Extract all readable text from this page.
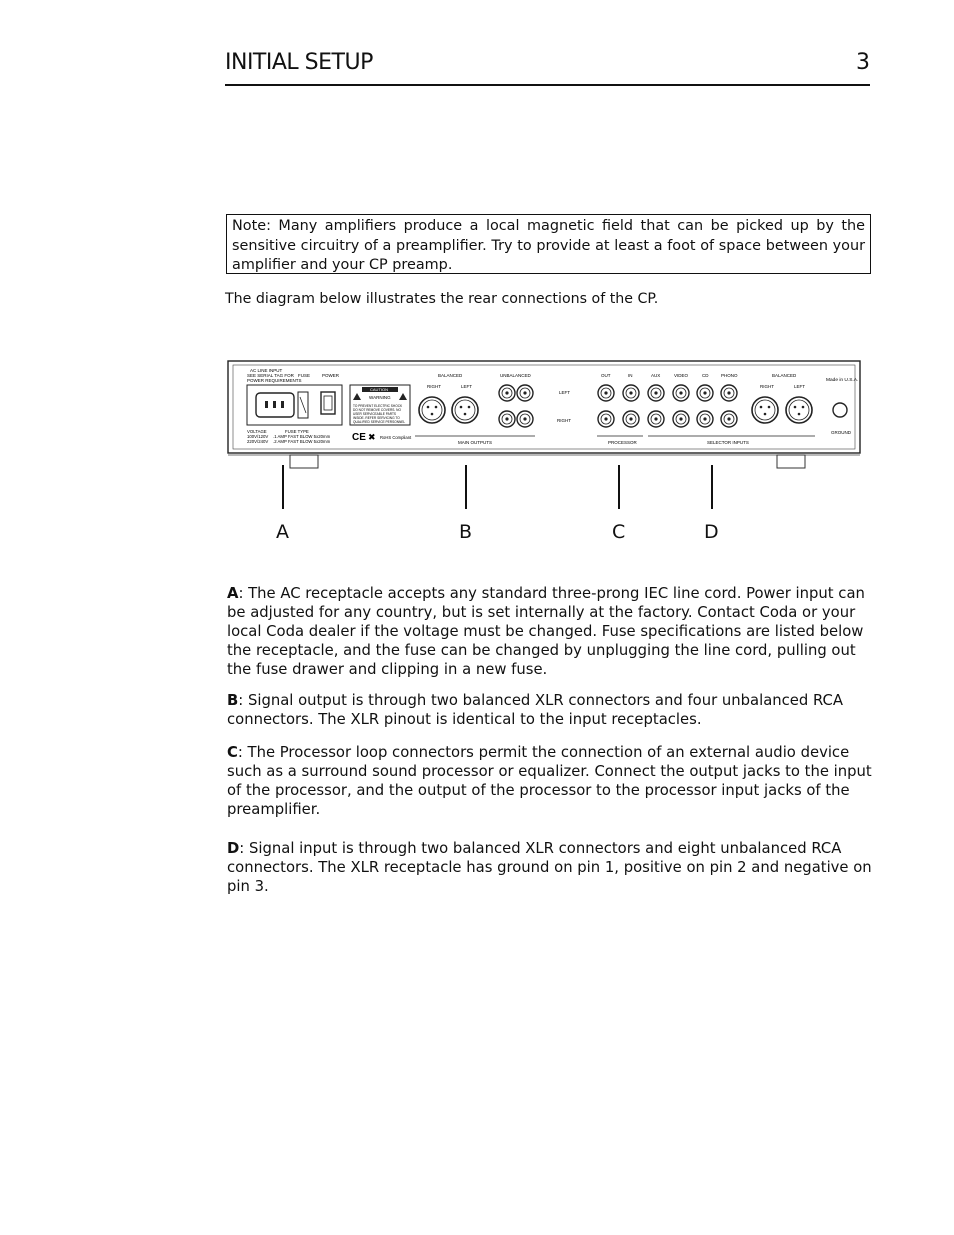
INITIAL SETUP	3
Note: Many amplifiers produce a local magnetic field that can be picked up by the sensitive circuitry of a preamplifier. Try to provide at least a foot of space between your amplifier and your CP preamp.
The diagram below illustrates the rear connections of the CP.
AC LINE INPUT
SEE SERIAL TAG FOR
POWER REQUIREMENTS
FUSE	POWER
VOLTAGE	FUSE TYPE
100V/120V .1 AMP FAST BLOW 5x20mm
220V/240V .2 AMP FAST BLOW 5x20mm
CAUTION
WARNING
TO PREVENT ELECTRIC SHOCK
DO NOT REMOVE COVERS. NO
USER SERVICEABLE PARTS
INSIDE. REFER SERVICING TO
QUALIFIED SERVICE PERSONNEL
CE ✖ RoHS Compliant
BALANCED
RIGHT	LEFT
UNBALANCED
MAIN OUTPUTS
LEFT
RIGHT
OUT	IN
PROCESSOR
AUX	VIDEO	CD	PHONO	BALANCED
RIGHT	LEFT
SELECTOR INPUTS
Made in U.S.A.
GROUND
A	B	C	D
A: The AC receptacle accepts any standard three-prong IEC line cord. Power input can be adjusted for any country, but is set internally at the factory. Contact Coda or your local Coda dealer if the voltage must be changed. Fuse specifications are listed below the receptacle, and the fuse can be changed by unplugging the line cord, pulling out the fuse drawer and clipping in a new fuse.
B: Signal output is through two balanced XLR connectors and four unbalanced RCA connectors. The XLR pinout is identical to the input receptacles.
C: The Processor loop connectors permit the connection of an external audio device such as a surround sound processor or equalizer. Connect the output jacks to the input of the processor, and the output of the processor to the processor input jacks of the preamplifier.
D: Signal input is through two balanced XLR connectors and eight unbalanced RCA connectors. The XLR receptacle has ground on pin 1, positive on pin 2 and negative on pin 3.
